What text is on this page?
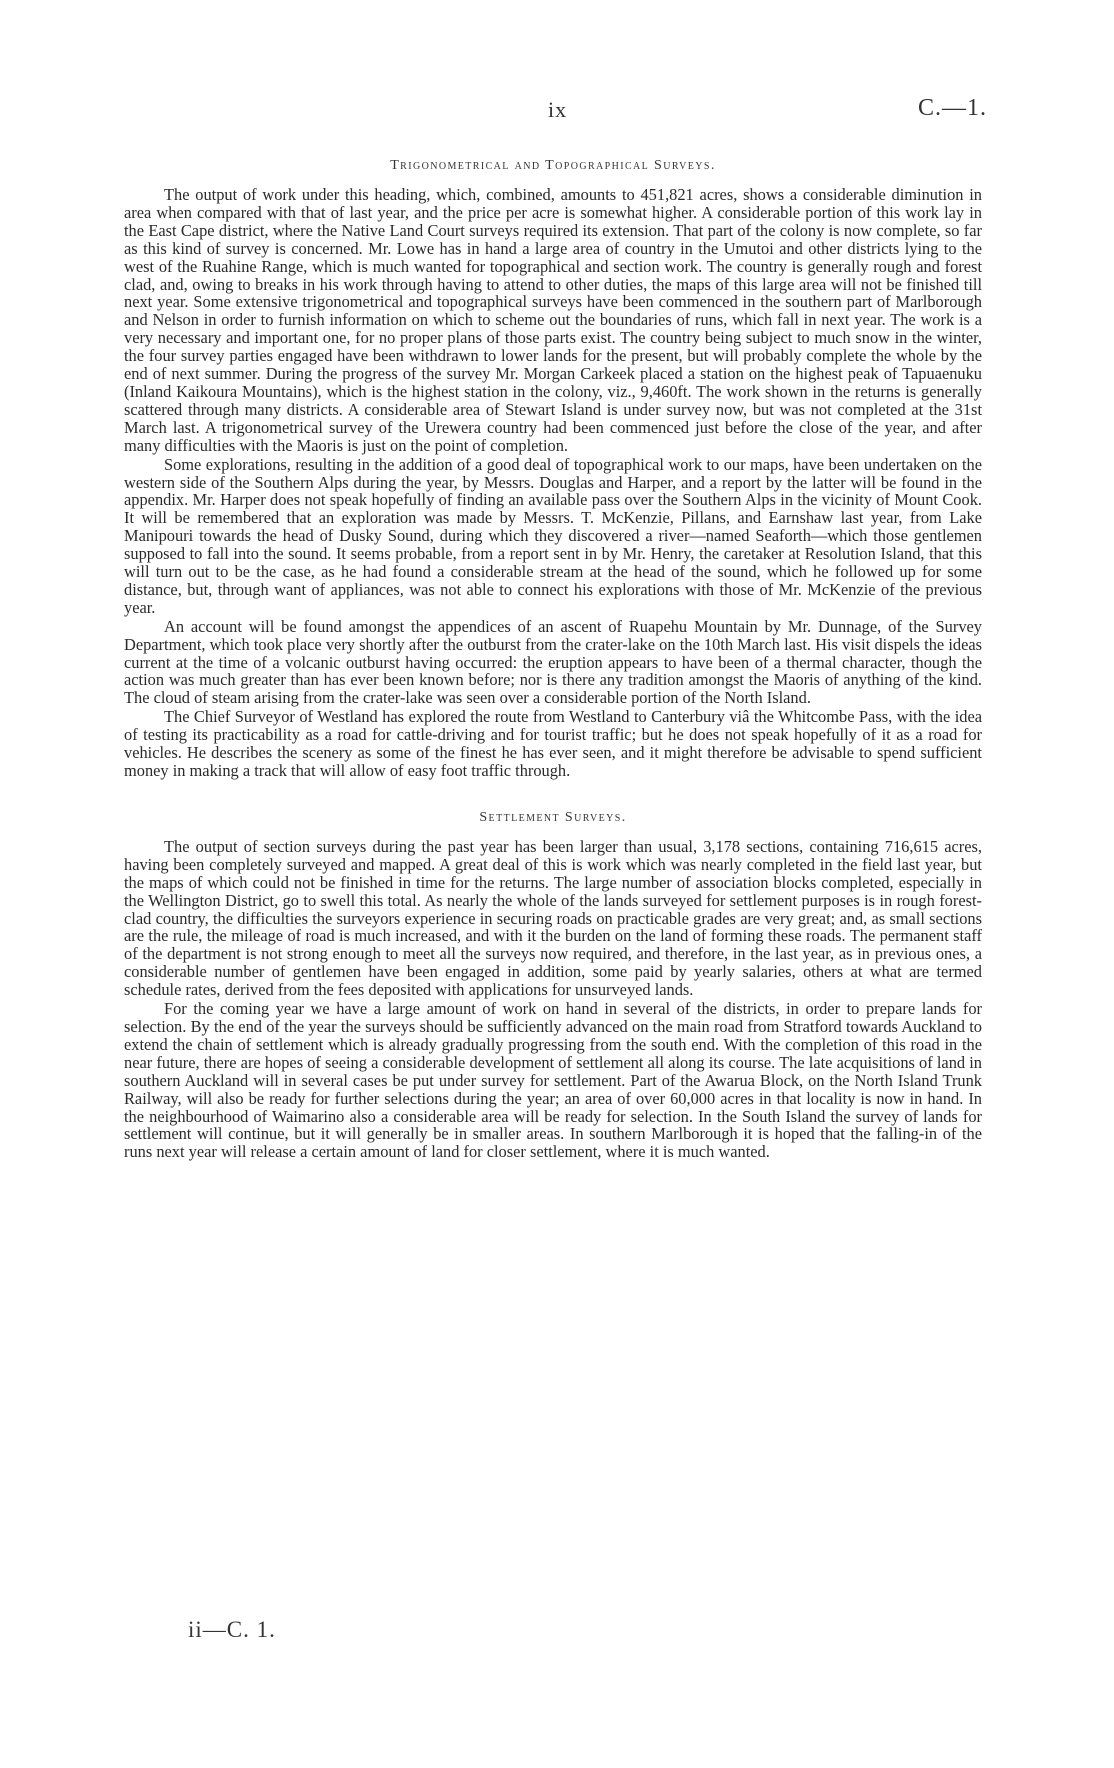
ix	C.—1.
Trigonometrical and Topographical Surveys.

The output of work under this heading, which, combined, amounts to 451,821 acres, shows a considerable diminution in area when compared with that of last year, and the price per acre is somewhat higher. A considerable portion of this work lay in the East Cape district, where the Native Land Court surveys required its extension. That part of the colony is now complete, so far as this kind of survey is concerned. Mr. Lowe has in hand a large area of country in the Umutoi and other districts lying to the west of the Ruahine Range, which is much wanted for topographical and section work. The country is generally rough and forest clad, and, owing to breaks in his work through having to attend to other duties, the maps of this large area will not be finished till next year. Some extensive trigonometrical and topographical surveys have been commenced in the southern part of Marlborough and Nelson in order to furnish information on which to scheme out the boundaries of runs, which fall in next year. The work is a very necessary and important one, for no proper plans of those parts exist. The country being subject to much snow in the winter, the four survey parties engaged have been withdrawn to lower lands for the present, but will probably complete the whole by the end of next summer. During the progress of the survey Mr. Morgan Carkeek placed a station on the highest peak of Tapuaenuku (Inland Kaikoura Mountains), which is the highest station in the colony, viz., 9,460ft. The work shown in the returns is generally scattered through many districts. A considerable area of Stewart Island is under survey now, but was not completed at the 31st March last. A trigonometrical survey of the Urewera country had been commenced just before the close of the year, and after many difficulties with the Maoris is just on the point of completion.

Some explorations, resulting in the addition of a good deal of topographical work to our maps, have been undertaken on the western side of the Southern Alps during the year, by Messrs. Douglas and Harper, and a report by the latter will be found in the appendix. Mr. Harper does not speak hopefully of finding an available pass over the Southern Alps in the vicinity of Mount Cook. It will be remembered that an exploration was made by Messrs. T. McKenzie, Pillans, and Earnshaw last year, from Lake Manipouri towards the head of Dusky Sound, during which they discovered a river—named Seaforth—which those gentlemen supposed to fall into the sound. It seems probable, from a report sent in by Mr. Henry, the caretaker at Resolution Island, that this will turn out to be the case, as he had found a considerable stream at the head of the sound, which he followed up for some distance, but, through want of appliances, was not able to connect his explorations with those of Mr. McKenzie of the previous year.

An account will be found amongst the appendices of an ascent of Ruapehu Mountain by Mr. Dunnage, of the Survey Department, which took place very shortly after the outburst from the crater-lake on the 10th March last. His visit dispels the ideas current at the time of a volcanic outburst having occurred: the eruption appears to have been of a thermal character, though the action was much greater than has ever been known before; nor is there any tradition amongst the Maoris of anything of the kind. The cloud of steam arising from the crater-lake was seen over a considerable portion of the North Island.

The Chief Surveyor of Westland has explored the route from Westland to Canterbury viâ the Whitcombe Pass, with the idea of testing its practicability as a road for cattle-driving and for tourist traffic; but he does not speak hopefully of it as a road for vehicles. He describes the scenery as some of the finest he has ever seen, and it might therefore be advisable to spend sufficient money in making a track that will allow of easy foot traffic through.

Settlement Surveys.

The output of section surveys during the past year has been larger than usual, 3,178 sections, containing 716,615 acres, having been completely surveyed and mapped. A great deal of this is work which was nearly completed in the field last year, but the maps of which could not be finished in time for the returns. The large number of association blocks completed, especially in the Wellington District, go to swell this total. As nearly the whole of the lands surveyed for settlement purposes is in rough forest-clad country, the difficulties the surveyors experience in securing roads on practicable grades are very great; and, as small sections are the rule, the mileage of road is much increased, and with it the burden on the land of forming these roads. The permanent staff of the department is not strong enough to meet all the surveys now required, and therefore, in the last year, as in previous ones, a considerable number of gentlemen have been engaged in addition, some paid by yearly salaries, others at what are termed schedule rates, derived from the fees deposited with applications for unsurveyed lands.

For the coming year we have a large amount of work on hand in several of the districts, in order to prepare lands for selection. By the end of the year the surveys should be sufficiently advanced on the main road from Stratford towards Auckland to extend the chain of settlement which is already gradually progressing from the south end. With the completion of this road in the near future, there are hopes of seeing a considerable development of settlement all along its course. The late acquisitions of land in southern Auckland will in several cases be put under survey for settlement. Part of the Awarua Block, on the North Island Trunk Railway, will also be ready for further selections during the year; an area of over 60,000 acres in that locality is now in hand. In the neighbourhood of Waimarino also a considerable area will be ready for selection. In the South Island the survey of lands for settlement will continue, but it will generally be in smaller areas. In southern Marlborough it is hoped that the falling-in of the runs next year will release a certain amount of land for closer settlement, where it is much wanted.

ii—C. 1.
